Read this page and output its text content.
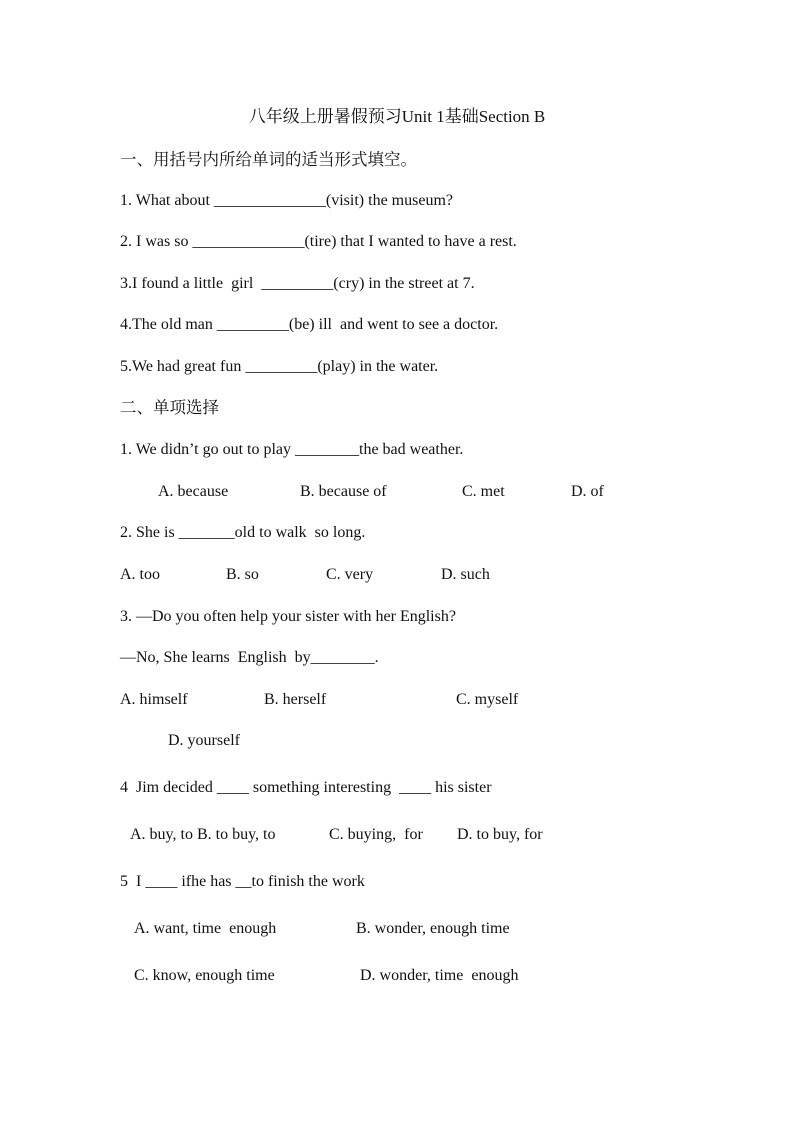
八年级上册暑假预习Unit 1基础Section B
一、用括号内所给单词的适当形式填空。
1. What about ______________(visit) the museum?
2. I was so ______________(tire) that I wanted to have a rest.
3.I found a little  girl  _________(cry) in the street at 7.
4.The old man _________(be) ill  and went to see a doctor.
5.We had great fun _________(play) in the water.
二、单项选择
1. We didn’t go out to play ________the bad weather.
A. because	B. because of	C. met	D. of
2. She is _______old to walk  so long.
A. too	B. so	C. very	D. such
3. —Do you often help your sister with her English?
—No, She learns  English  by________.
A. himself	B. herself	C. myself
D. yourself
4  Jim decided ____ something interesting  ____ his sister
A. buy, to B. to buy, to	C. buying,  for D. to buy, for
5  I ____ ifhe has __to finish the work
A. want, time  enough	B. wonder, enough time
C. know, enough time	D. wonder, time  enough
